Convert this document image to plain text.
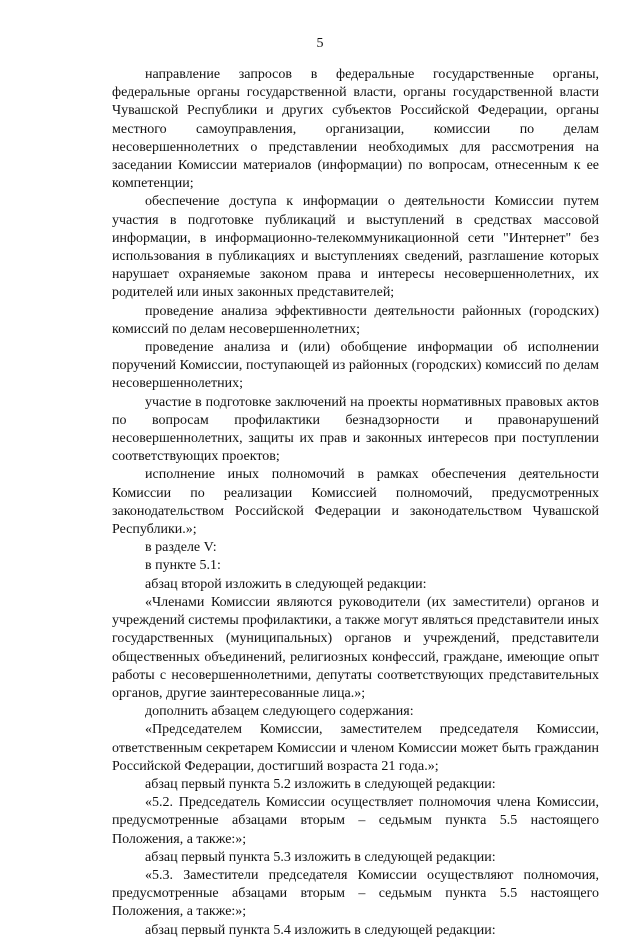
5

направление запросов в федеральные государственные органы, федеральные органы государственной власти, органы государственной власти Чувашской Республики и других субъектов Российской Федерации, органы местного самоуправления, организации, комиссии по делам несовершеннолетних о представлении необходимых для рассмотрения на заседании Комиссии материалов (информации) по вопросам, отнесенным к ее компетенции;

обеспечение доступа к информации о деятельности Комиссии путем участия в подготовке публикаций и выступлений в средствах массовой информации, в информационно-телекоммуникационной сети "Интернет" без использования в публикациях и выступлениях сведений, разглашение которых нарушает охраняемые законом права и интересы несовершеннолетних, их родителей или иных законных представителей;

проведение анализа эффективности деятельности районных (городских) комиссий по делам несовершеннолетних;

проведение анализа и (или) обобщение информации об исполнении поручений Комиссии, поступающей из районных (городских) комиссий по делам несовершеннолетних;

участие в подготовке заключений на проекты нормативных правовых актов по вопросам профилактики безнадзорности и правонарушений несовершеннолетних, защиты их прав и законных интересов при поступлении соответствующих проектов;

исполнение иных полномочий в рамках обеспечения деятельности Комиссии по реализации Комиссией полномочий, предусмотренных законодательством Российской Федерации и законодательством Чувашской Республики.»;

в разделе V:

в пункте 5.1:

абзац второй изложить в следующей редакции:

«Членами Комиссии являются руководители (их заместители) органов и учреждений системы профилактики, а также могут являться представители иных государственных (муниципальных) органов и учреждений, представители общественных объединений, религиозных конфессий, граждане, имеющие опыт работы с несовершеннолетними, депутаты соответствующих представительных органов, другие заинтересованные лица.»;

дополнить абзацем следующего содержания:

«Председателем Комиссии, заместителем председателя Комиссии, ответственным секретарем Комиссии и членом Комиссии может быть гражданин Российской Федерации, достигший возраста 21 года.»;

абзац первый пункта 5.2 изложить в следующей редакции:

«5.2. Председатель Комиссии осуществляет полномочия члена Комиссии, предусмотренные абзацами вторым – седьмым пункта 5.5 настоящего Положения, а также:»;

абзац первый пункта 5.3 изложить в следующей редакции:

«5.3. Заместители председателя Комиссии осуществляют полномочия, предусмотренные абзацами вторым – седьмым пункта 5.5 настоящего Положения, а также:»;

абзац первый пункта 5.4 изложить в следующей редакции:
